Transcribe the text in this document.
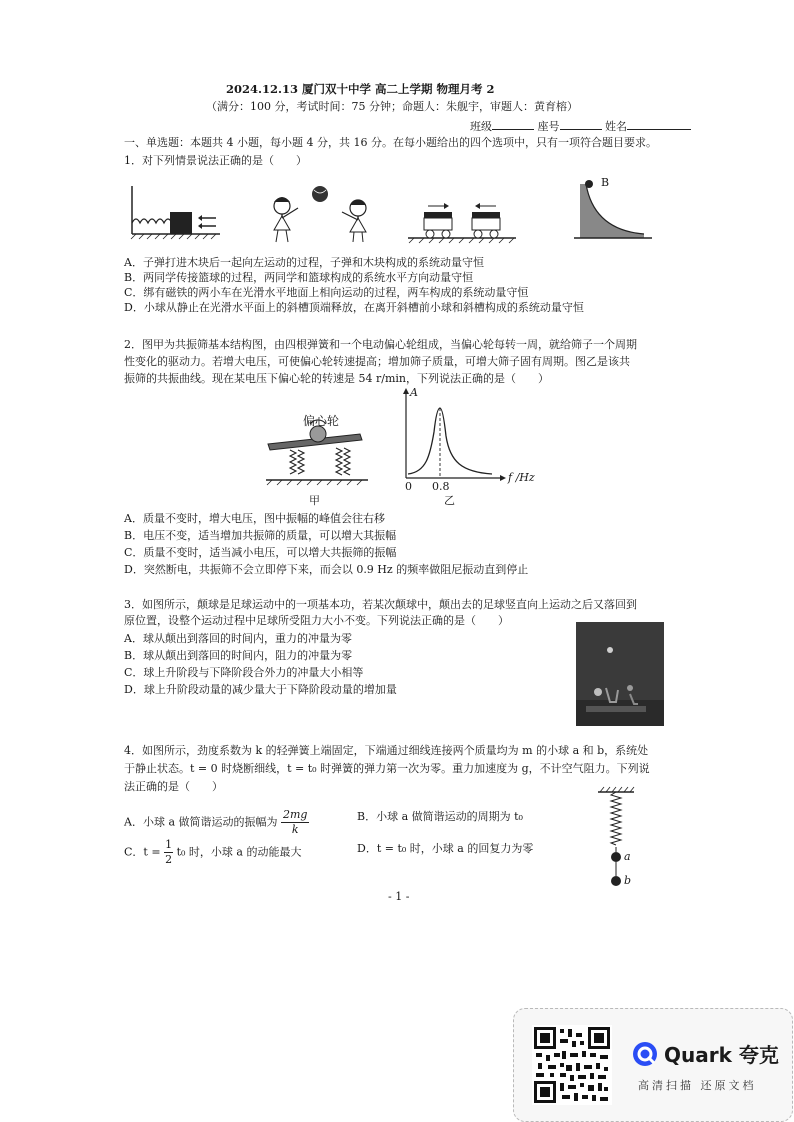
2024.12.13 厦门双十中学 高二上学期 物理月考 2
（满分：100 分，考试时间：75 分钟；命题人：朱舰宇，审题人：黄育榕）
班级	座号	姓名
一、单选题：本题共 4 小题，每小题 4 分，共 16 分。在每小题给出的四个选项中，只有一项符合题目要求。
1．对下列情景说法正确的是（　　）
B
A．子弹打进木块后一起向左运动的过程，子弹和木块构成的系统动量守恒
B．两同学传接篮球的过程，两同学和篮球构成的系统水平方向动量守恒
C．绑有磁铁的两小车在光滑水平地面上相向运动的过程，两车构成的系统动量守恒
D．小球从静止在光滑水平面上的斜槽顶端释放，在离开斜槽前小球和斜槽构成的系统动量守恒
2．图甲为共振筛基本结构图，由四根弹簧和一个电动偏心轮组成，当偏心轮每转一周，就给筛子一个周期
性变化的驱动力。若增大电压，可使偏心轮转速提高；增加筛子质量，可增大筛子固有周期。图乙是该共
振筛的共振曲线。现在某电压下偏心轮的转速是 54 r/min，下列说法正确的是（　　）
偏心轮
甲
A
f /Hz
0 0.8
乙
A．质量不变时，增大电压，图中振幅的峰值会往右移
B．电压不变，适当增加共振筛的质量，可以增大其振幅
C．质量不变时，适当减小电压，可以增大共振筛的振幅
D．突然断电，共振筛不会立即停下来，而会以 0.9 Hz 的频率做阻尼振动直到停止
3．如图所示，颠球是足球运动中的一项基本功，若某次颠球中，颠出去的足球竖直向上运动之后又落回到
原位置，设整个运动过程中足球所受阻力大小不变。下列说法正确的是（　　）
A．球从颠出到落回的时间内，重力的冲量为零
B．球从颠出到落回的时间内，阻力的冲量为零
C．球上升阶段与下降阶段合外力的冲量大小相等
D．球上升阶段动量的减少量大于下降阶段动量的增加量
4．如图所示，劲度系数为 k 的轻弹簧上端固定，下端通过细线连接两个质量均为 m 的小球 a 和 b，系统处
于静止状态。t = 0 时烧断细线，t = t₀ 时弹簧的弹力第一次为零。重力加速度为 g，不计空气阻力。下列说
法正确的是（　　）
A．小球 a 做简谐运动的振幅为 $\frac{2mg}{k}$	B．小球 a 做简谐运动的周期为 t₀
C．$t = \frac{1}{2} t_0$ 时，小球 a 的动能最大	D．t = t₀ 时，小球 a 的回复力为零
a
b
- 1 -
Quark 夸克
高清扫描 还原文档
